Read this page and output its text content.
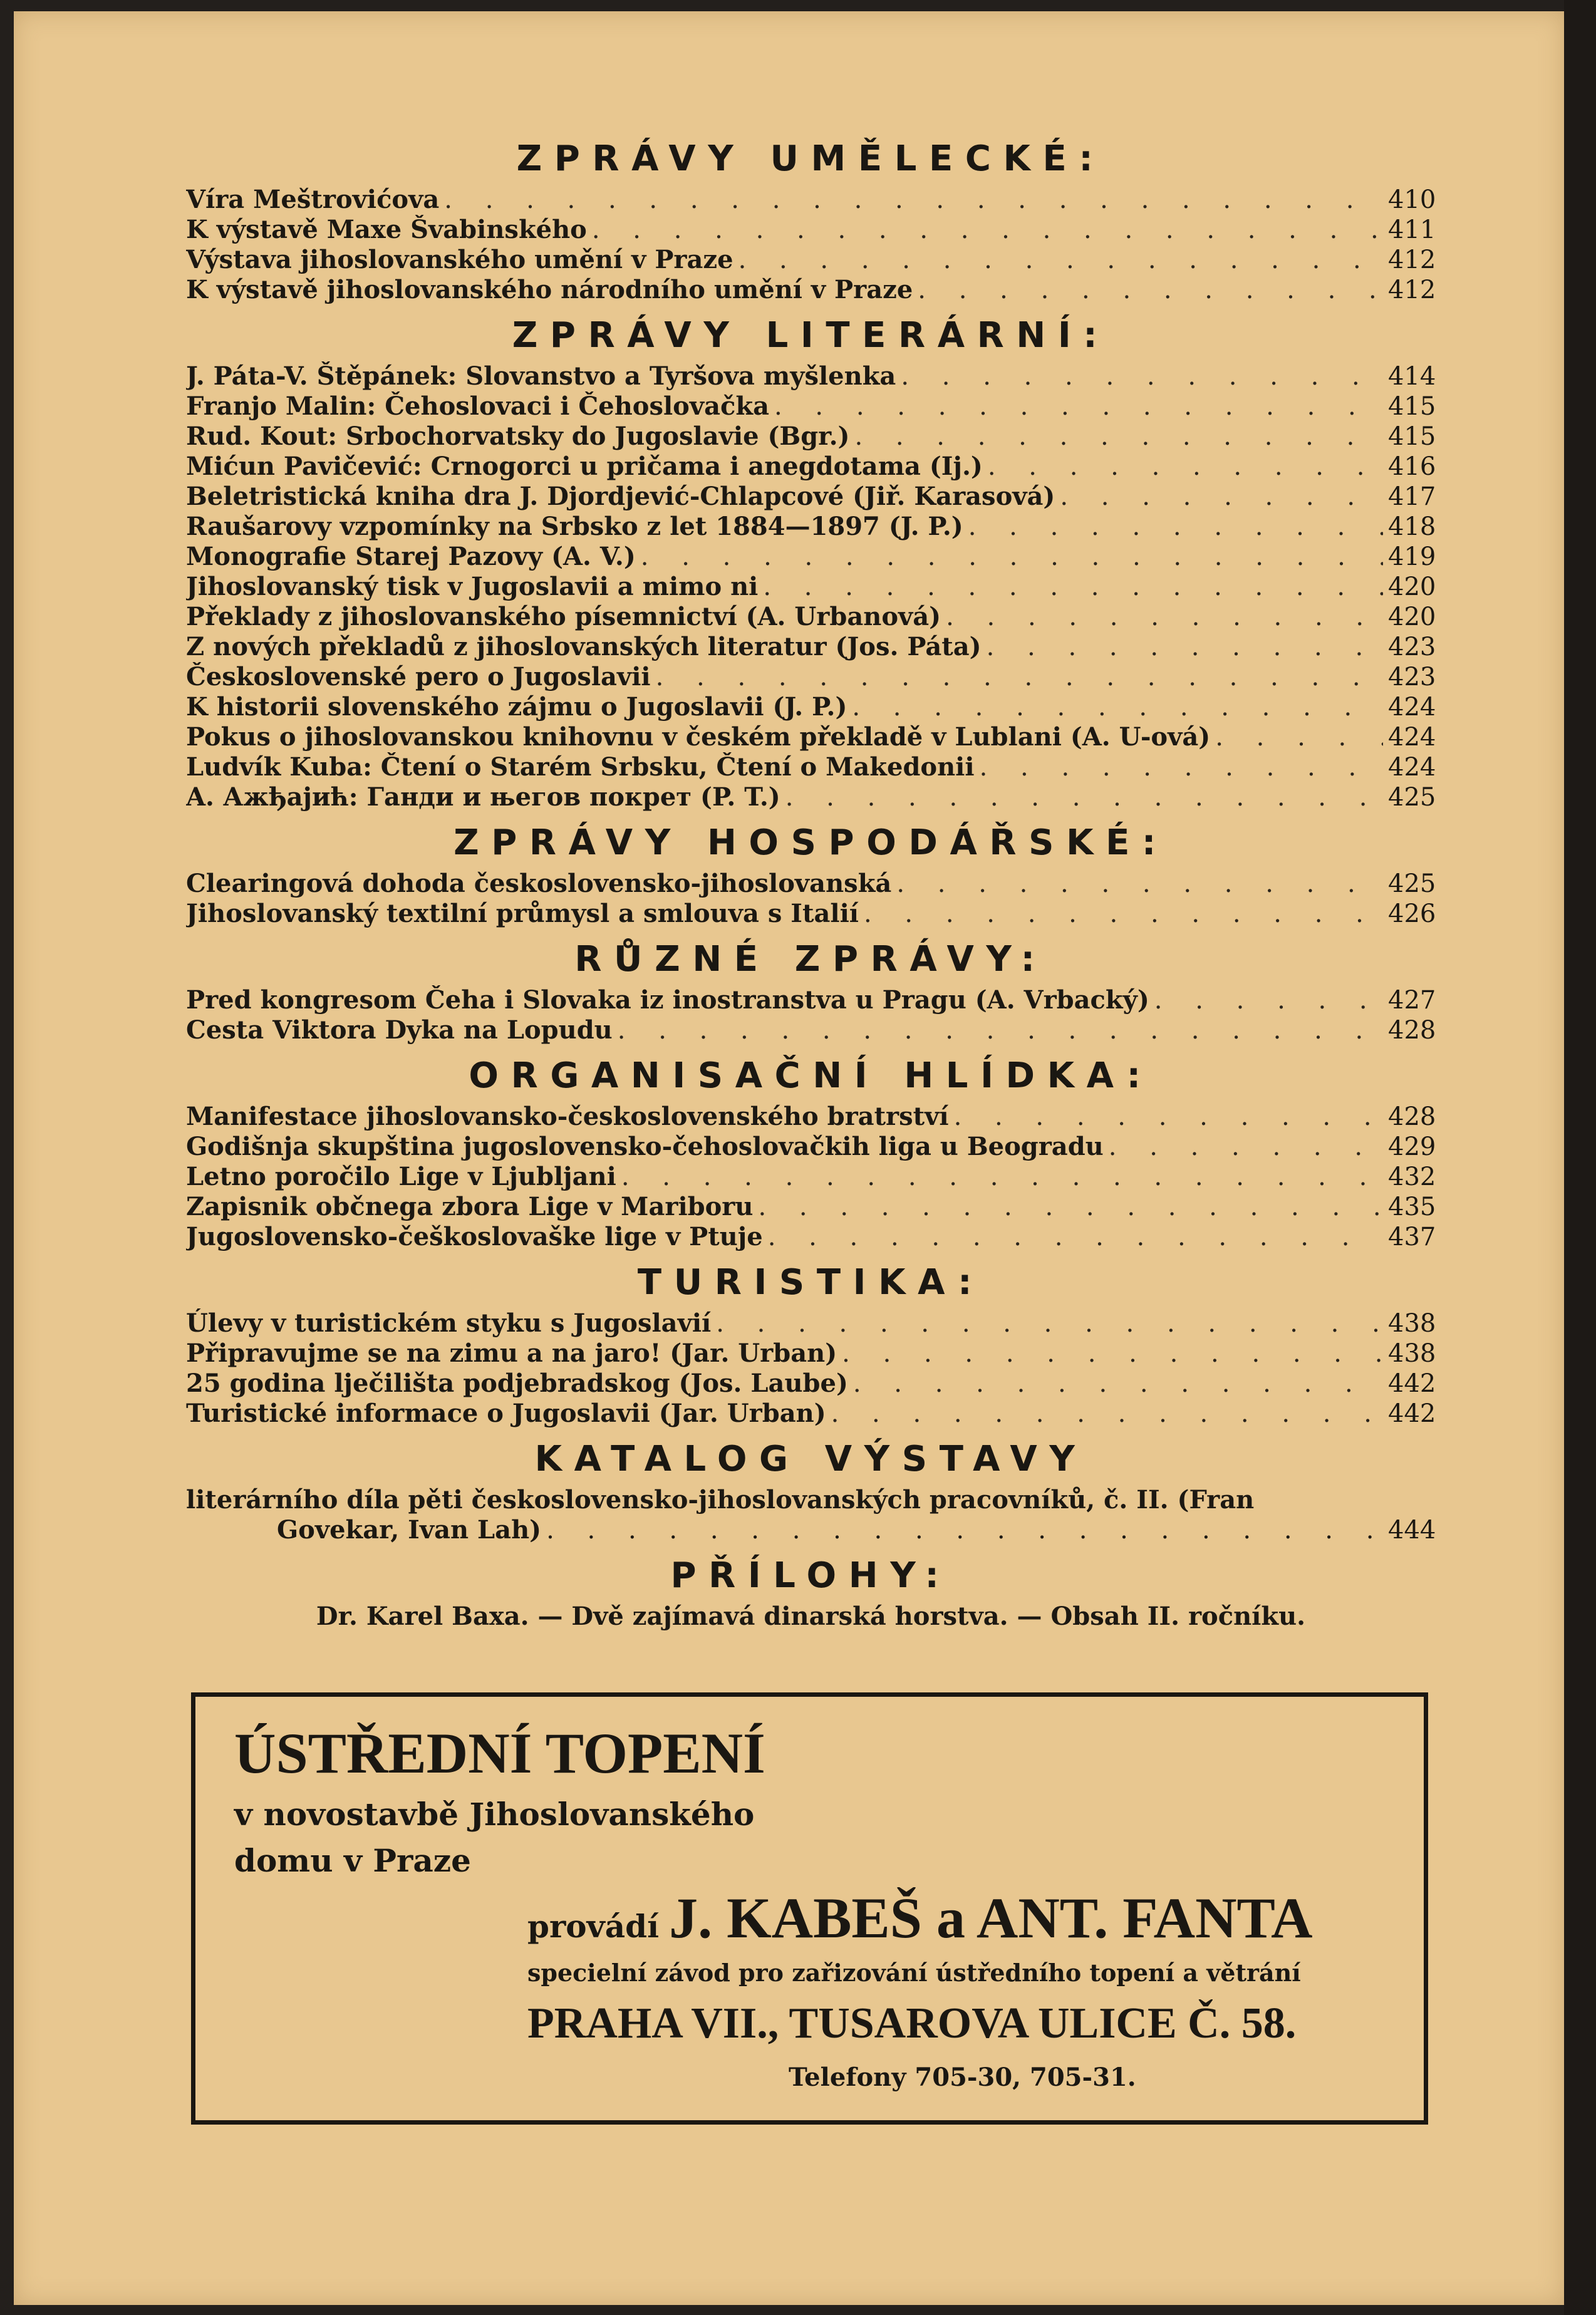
ZPRÁVY UMĚLECKÉ:
Víra Meštrovićova . . .	410
K výstavě Maxe Švabinského . . .	411
Výstava jihoslovanského umění v Praze . . .	412
K výstavě jihoslovanského národního umění v Praze . . .	412
ZPRÁVY LITERÁRNÍ:
J. Páta-V. Štěpánek: Slovanstvo a Tyršova myšlenka . . .	414
Franjo Malin: Čehoslovaci i Čehoslovačka . . .	415
Rud. Kout: Srbochorvatsky do Jugoslavie (Bgr.) . . .	415
Mićun Pavičević: Crnogorci u pričama i anegdotama (Ij.) . . .	416
Beletristická kniha dra J. Djordjević-Chlapcové (Jiř. Karasová) . . .	417
Raušarovy vzpomínky na Srbsko z let 1884—1897 (J. P.) . . .	418
Monografie Starej Pazovy (A. V.) . . .	419
Jihoslovanský tisk v Jugoslavii a mimo ni . . .	420
Překlady z jihoslovanského písemnictví (A. Urbanová) . . .	420
Z nových překladů z jihoslovanských literatur (Jos. Páta) . . .	423
Československé pero o Jugoslavii . . .	423
K historii slovenského zájmu o Jugoslavii (J. P.) . . .	424
Pokus o jihoslovanskou knihovnu v českém překladě v Lublani (A. U-ová) . . .	424
Ludvík Kuba: Čtení o Starém Srbsku, Čtení o Makedonii . . .	424
A. Ажђајић: Ганди и његов покрет (P. T.) . . .	425
ZPRÁVY HOSPODÁŘSKÉ:
Clearingová dohoda československo-jihoslovanská . . .	425
Jihoslovanský textilní průmysl a smlouva s Italií . . .	426
RŮZNÉ ZPRÁVY:
Pred kongresom Čeha i Slovaka iz inostranstva u Pragu (A. Vrbacký) . . .	427
Cesta Viktora Dyka na Lopudu . . .	428
ORGANISAČNÍ HLÍDKA:
Manifestace jihoslovansko-československého bratrství . . .	428
Godišnja skupština jugoslovensko-čehoslovačkih liga u Beogradu . . .	429
Letno poročilo Lige v Ljubljani . . .	432
Zapisnik občnega zbora Lige v Mariboru . . .	435
Jugoslovensko-češkoslovaške lige v Ptuje . . .	437
TURISTIKA:
Úlevy v turistickém styku s Jugoslavií . . .	438
Připravujme se na zimu a na jaro! (Jar. Urban) . . .	438
25 godina lječilišta podjebradskog (Jos. Laube) . . .	442
Turistické informace o Jugoslavii (Jar. Urban) . . .	442
KATALOG VÝSTAVY
literárního díla pěti československo-jihoslovanských pracovníků, č. II. (Fran
Govekar, Ivan Lah) . . .	444
PŘÍLOHY:
Dr. Karel Baxa. — Dvě zajímavá dinarská horstva. — Obsah II. ročníku.
ÚSTŘEDNÍ TOPENÍ
v novostavbě Jihoslovanského
domu v Praze
provádí J. KABEŠ a ANT. FANTA
specielní závod pro zařizování ústředního topení a větrání
PRAHA VII., TUSAROVA ULICE Č. 58.
Telefony 705-30, 705-31.
